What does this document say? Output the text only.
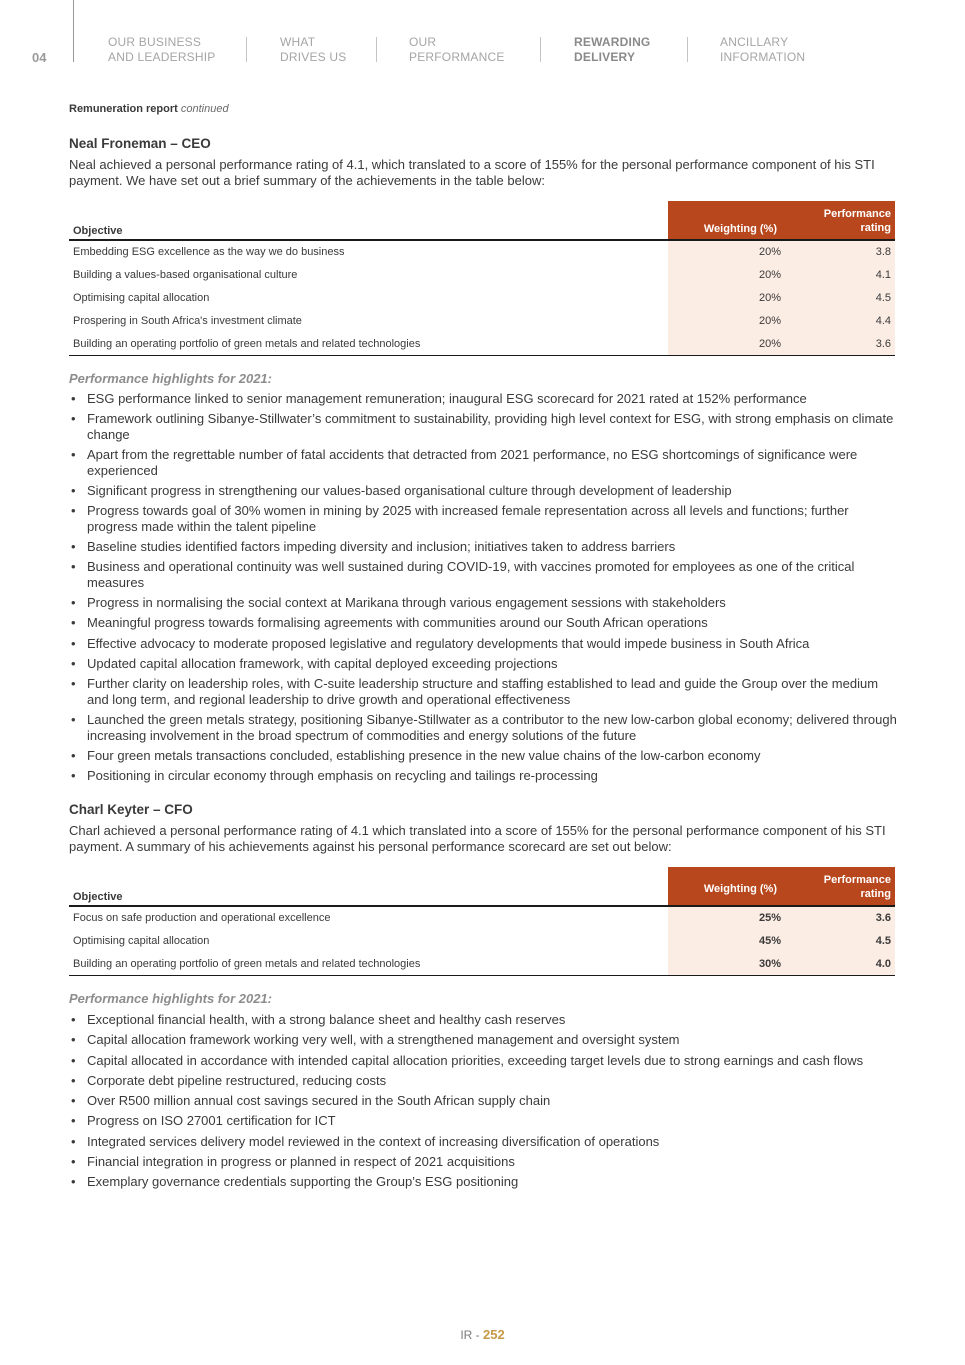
04
OUR BUSINESS
AND LEADERSHIP
WHAT
DRIVES US
OUR
PERFORMANCE
REWARDING
DELIVERY
ANCILLARY
INFORMATION
Remuneration report continued
Neal Froneman – CEO
Neal achieved a personal performance rating of 4.1, which translated to a score of 155% for the personal performance component of his STI payment. We have set out a brief summary of the achievements in the table below:
Objective	Weighting (%)
Performance
rating
Embedding ESG excellence as the way we do business	20%	3.8
Building a values-based organisational culture	20%	4.1
Optimising capital allocation	20%	4.5
Prospering in South Africa's investment climate	20%	4.4
Building an operating portfolio of green metals and related technologies	20%	3.6
Performance highlights for 2021:
• ESG performance linked to senior management remuneration; inaugural ESG scorecard for 2021 rated at 152% performance
• Framework outlining Sibanye-Stillwater’s commitment to sustainability, providing high level context for ESG, with strong emphasis on climate change
• Apart from the regrettable number of fatal accidents that detracted from 2021 performance, no ESG shortcomings of significance were experienced
• Significant progress in strengthening our values-based organisational culture through development of leadership
• Progress towards goal of 30% women in mining by 2025 with increased female representation across all levels and functions; further progress made within the talent pipeline
• Baseline studies identified factors impeding diversity and inclusion; initiatives taken to address barriers
• Business and operational continuity was well sustained during COVID-19, with vaccines promoted for employees as one of the critical measures
• Progress in normalising the social context at Marikana through various engagement sessions with stakeholders
• Meaningful progress towards formalising agreements with communities around our South African operations
• Effective advocacy to moderate proposed legislative and regulatory developments that would impede business in South Africa
• Updated capital allocation framework, with capital deployed exceeding projections
• Further clarity on leadership roles, with C-suite leadership structure and staffing established to lead and guide the Group over the medium and long term, and regional leadership to drive growth and operational effectiveness
• Launched the green metals strategy, positioning Sibanye-Stillwater as a contributor to the new low-carbon global economy; delivered through increasing involvement in the broad spectrum of commodities and energy solutions of the future
• Four green metals transactions concluded, establishing presence in the new value chains of the low-carbon economy
• Positioning in circular economy through emphasis on recycling and tailings re-processing
Charl Keyter – CFO
Charl achieved a personal performance rating of 4.1 which translated into a score of 155% for the personal performance component of his STI payment. A summary of his achievements against his personal performance scorecard are set out below:
Objective
Weighting (%)
Performance
rating
Focus on safe production and operational excellence	25%	3.6
Optimising capital allocation	45%	4.5
Building an operating portfolio of green metals and related technologies	30%	4.0
Performance highlights for 2021:
• Exceptional financial health, with a strong balance sheet and healthy cash reserves
• Capital allocation framework working very well, with a strengthened management and oversight system
• Capital allocated in accordance with intended capital allocation priorities, exceeding target levels due to strong earnings and cash flows
• Corporate debt pipeline restructured, reducing costs
• Over R500 million annual cost savings secured in the South African supply chain
• Progress on ISO 27001 certification for ICT
• Integrated services delivery model reviewed in the context of increasing diversification of operations
• Financial integration in progress or planned in respect of 2021 acquisitions
• Exemplary governance credentials supporting the Group’s ESG positioning
IR - 252
